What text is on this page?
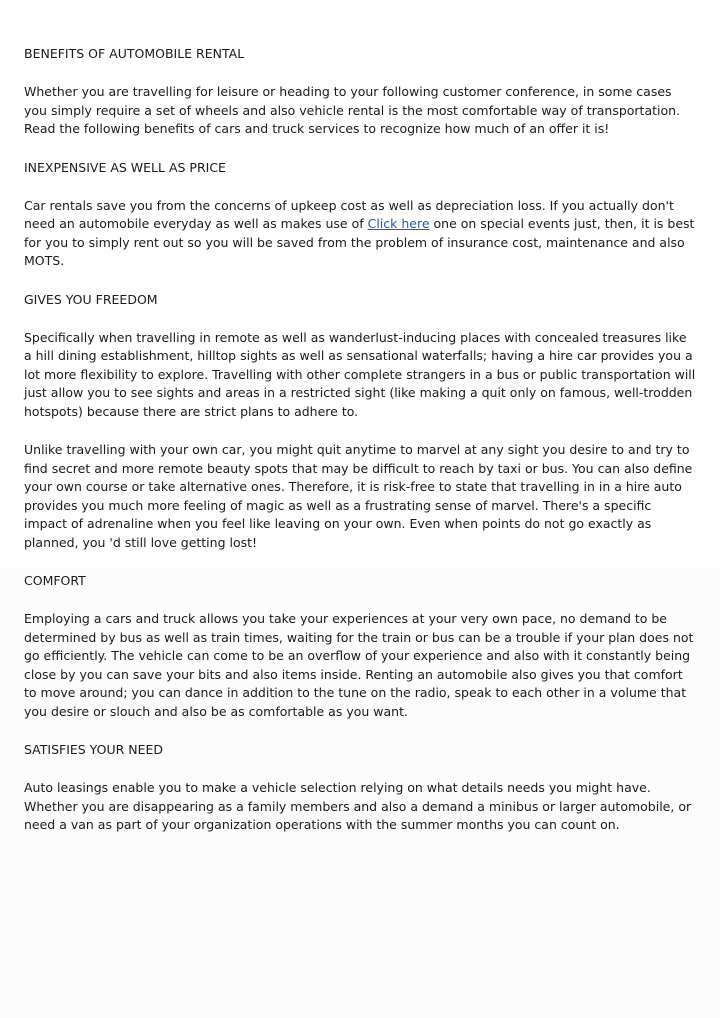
BENEFITS OF AUTOMOBILE RENTAL
Whether you are travelling for leisure or heading to your following customer conference, in some cases you simply require a set of wheels and also vehicle rental is the most comfortable way of transportation. Read the following benefits of cars and truck services to recognize how much of an offer it is!
INEXPENSIVE AS WELL AS PRICE
Car rentals save you from the concerns of upkeep cost as well as depreciation loss. If you actually don't need an automobile everyday as well as makes use of Click here one on special events just, then, it is best for you to simply rent out so you will be saved from the problem of insurance cost, maintenance and also MOTS.
GIVES YOU FREEDOM
Specifically when travelling in remote as well as wanderlust-inducing places with concealed treasures like a hill dining establishment, hilltop sights as well as sensational waterfalls; having a hire car provides you a lot more flexibility to explore. Travelling with other complete strangers in a bus or public transportation will just allow you to see sights and areas in a restricted sight (like making a quit only on famous, well-trodden hotspots) because there are strict plans to adhere to.
Unlike travelling with your own car, you might quit anytime to marvel at any sight you desire to and try to find secret and more remote beauty spots that may be difficult to reach by taxi or bus. You can also define your own course or take alternative ones. Therefore, it is risk-free to state that travelling in in a hire auto provides you much more feeling of magic as well as a frustrating sense of marvel. There's a specific impact of adrenaline when you feel like leaving on your own. Even when points do not go exactly as planned, you 'd still love getting lost!
COMFORT
Employing a cars and truck allows you take your experiences at your very own pace, no demand to be determined by bus as well as train times, waiting for the train or bus can be a trouble if your plan does not go efficiently. The vehicle can come to be an overflow of your experience and also with it constantly being close by you can save your bits and also items inside. Renting an automobile also gives you that comfort to move around; you can dance in addition to the tune on the radio, speak to each other in a volume that you desire or slouch and also be as comfortable as you want.
SATISFIES YOUR NEED
Auto leasings enable you to make a vehicle selection relying on what details needs you might have. Whether you are disappearing as a family members and also a demand a minibus or larger automobile, or need a van as part of your organization operations with the summer months you can count on.
